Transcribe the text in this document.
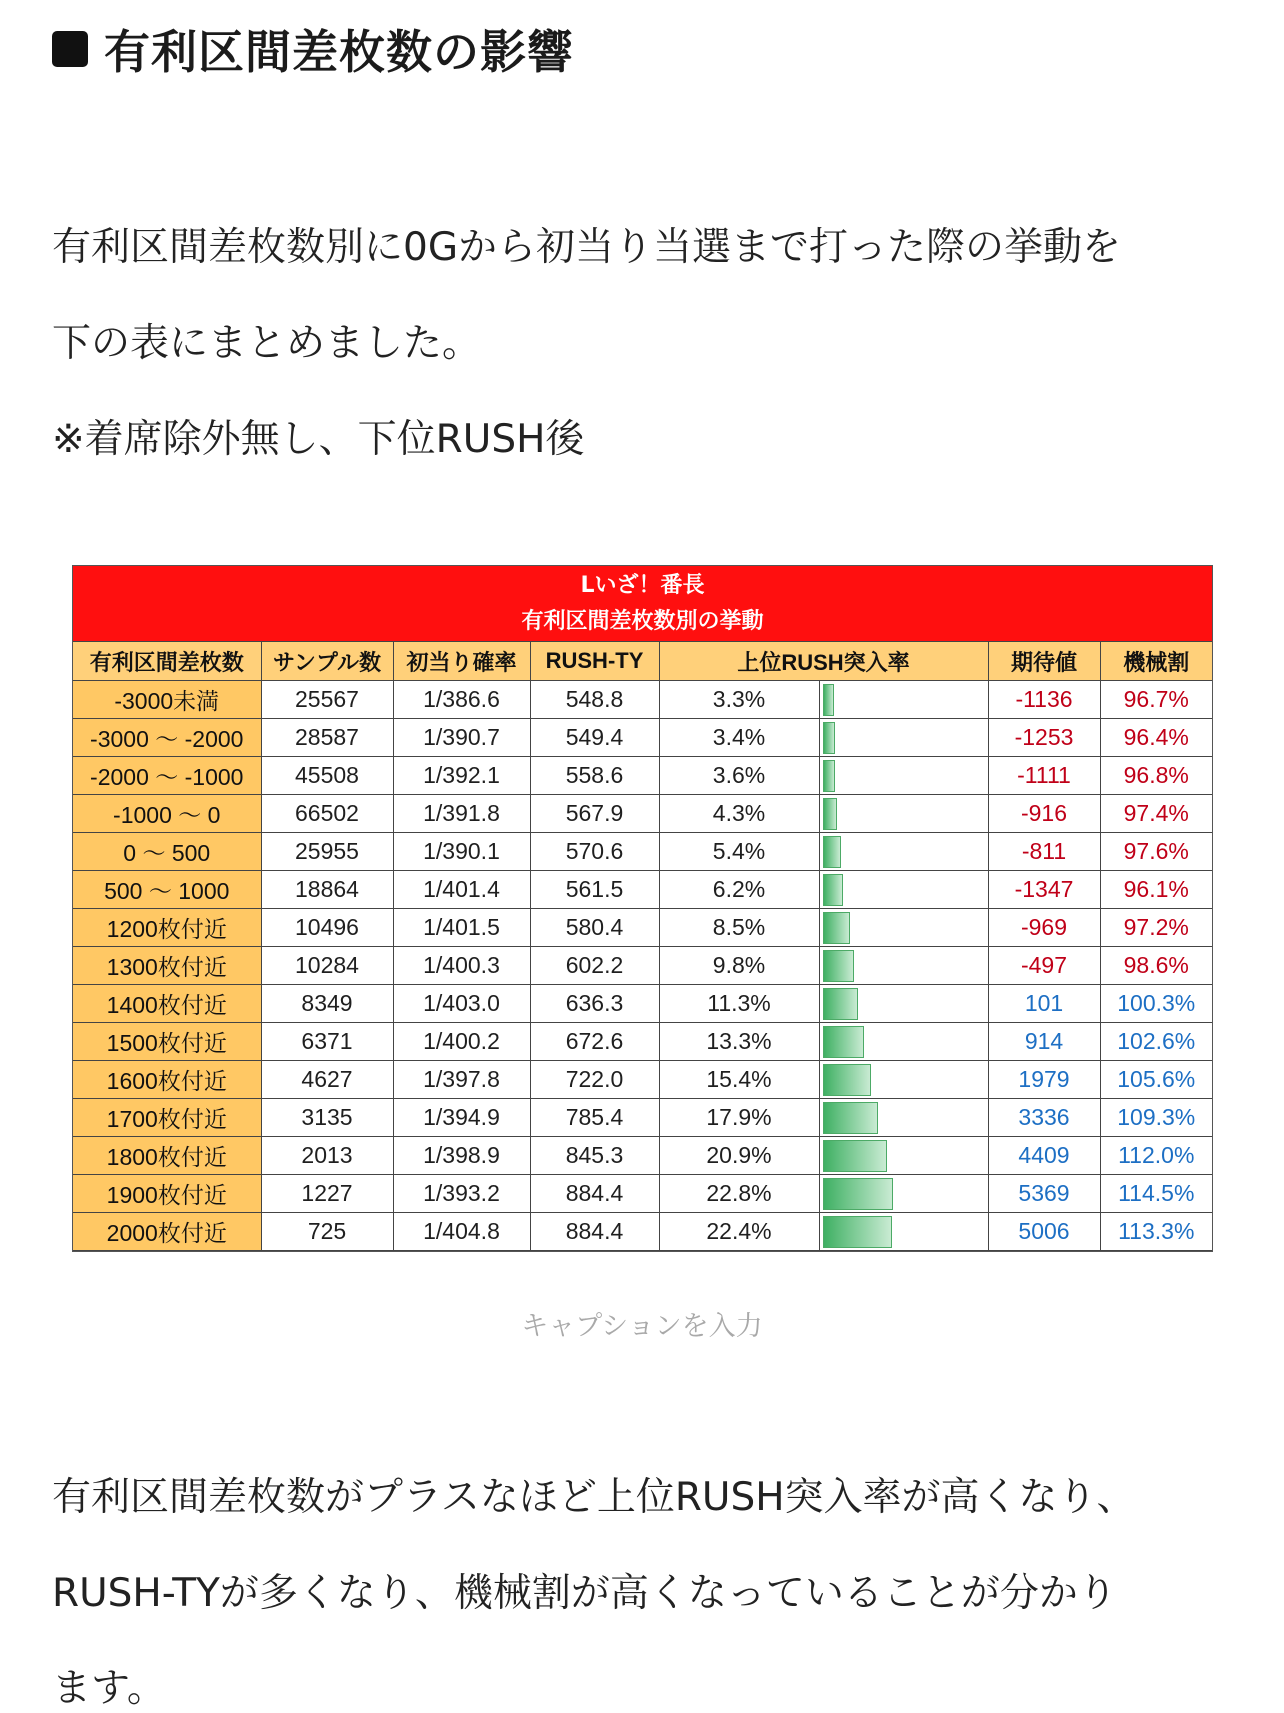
有利区間差枚数の影響

有利区間差枚数別に0Gから初当り当選まで打った際の挙動を

下の表にまとめました。

※着席除外無し、下位RUSH後

Lいざ！番長
有利区間差枚数別の挙動
有利区間差枚数	サンプル数	初当り確率	RUSH-TY	上位RUSH突入率		期待値	機械割
-3000未満	25567	1/386.6	548.8	3.3%		-1136	96.7%
-3000 ～ -2000	28587	1/390.7	549.4	3.4%		-1253	96.4%
-2000 ～ -1000	45508	1/392.1	558.6	3.6%		-1111	96.8%
-1000 ～ 0	66502	1/391.8	567.9	4.3%		-916	97.4%
0 ～ 500	25955	1/390.1	570.6	5.4%		-811	97.6%
500 ～ 1000	18864	1/401.4	561.5	6.2%		-1347	96.1%
1200枚付近	10496	1/401.5	580.4	8.5%		-969	97.2%
1300枚付近	10284	1/400.3	602.2	9.8%		-497	98.6%
1400枚付近	8349	1/403.0	636.3	11.3%		101	100.3%
1500枚付近	6371	1/400.2	672.6	13.3%		914	102.6%
1600枚付近	4627	1/397.8	722.0	15.4%		1979	105.6%
1700枚付近	3135	1/394.9	785.4	17.9%		3336	109.3%
1800枚付近	2013	1/398.9	845.3	20.9%		4409	112.0%
1900枚付近	1227	1/393.2	884.4	22.8%		5369	114.5%
2000枚付近	725	1/404.8	884.4	22.4%		5006	113.3%
キャプションを入力

有利区間差枚数がプラスなほど上位RUSH突入率が高くなり、

RUSH-TYが多くなり、機械割が高くなっていることが分かり

ます。
